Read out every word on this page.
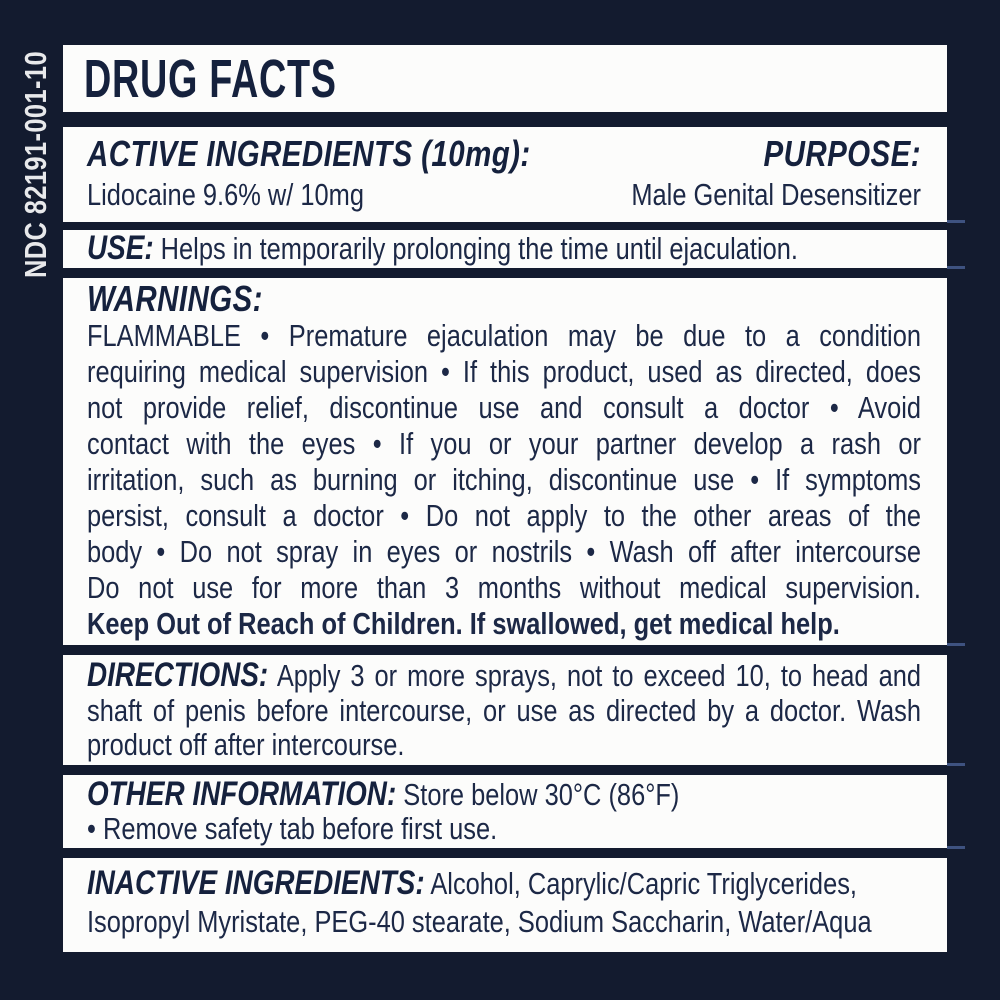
NDC 82191-001-10 DRUG FACTS
ACTIVE INGREDIENTS (10mg):
Lidocaine 9.6% w/ 10mg
PURPOSE:
Male Genital Desensitizer
USE: Helps in temporarily prolonging the time until ejaculation.
WARNINGS:
FLAMMABLE • Premature ejaculation may be due to a condition
requiring medical supervision • If this product, used as directed, does
not provide relief, discontinue use and consult a doctor • Avoid
contact with the eyes • If you or your partner develop a rash or
irritation, such as burning or itching, discontinue use • If symptoms
persist, consult a doctor • Do not apply to the other areas of the
body • Do not spray in eyes or nostrils • Wash off after intercourse
Do not use for more than 3 months without medical supervision.
Keep Out of Reach of Children. If swallowed, get medical help.
DIRECTIONS: Apply 3 or more sprays, not to exceed 10, to head and
shaft of penis before intercourse, or use as directed by a doctor. Wash
product off after intercourse.
OTHER INFORMATION: Store below 30°C (86°F)
• Remove safety tab before first use.
INACTIVE INGREDIENTS: Alcohol, Caprylic/Capric Triglycerides,
Isopropyl Myristate, PEG-40 stearate, Sodium Saccharin, Water/Aqua
